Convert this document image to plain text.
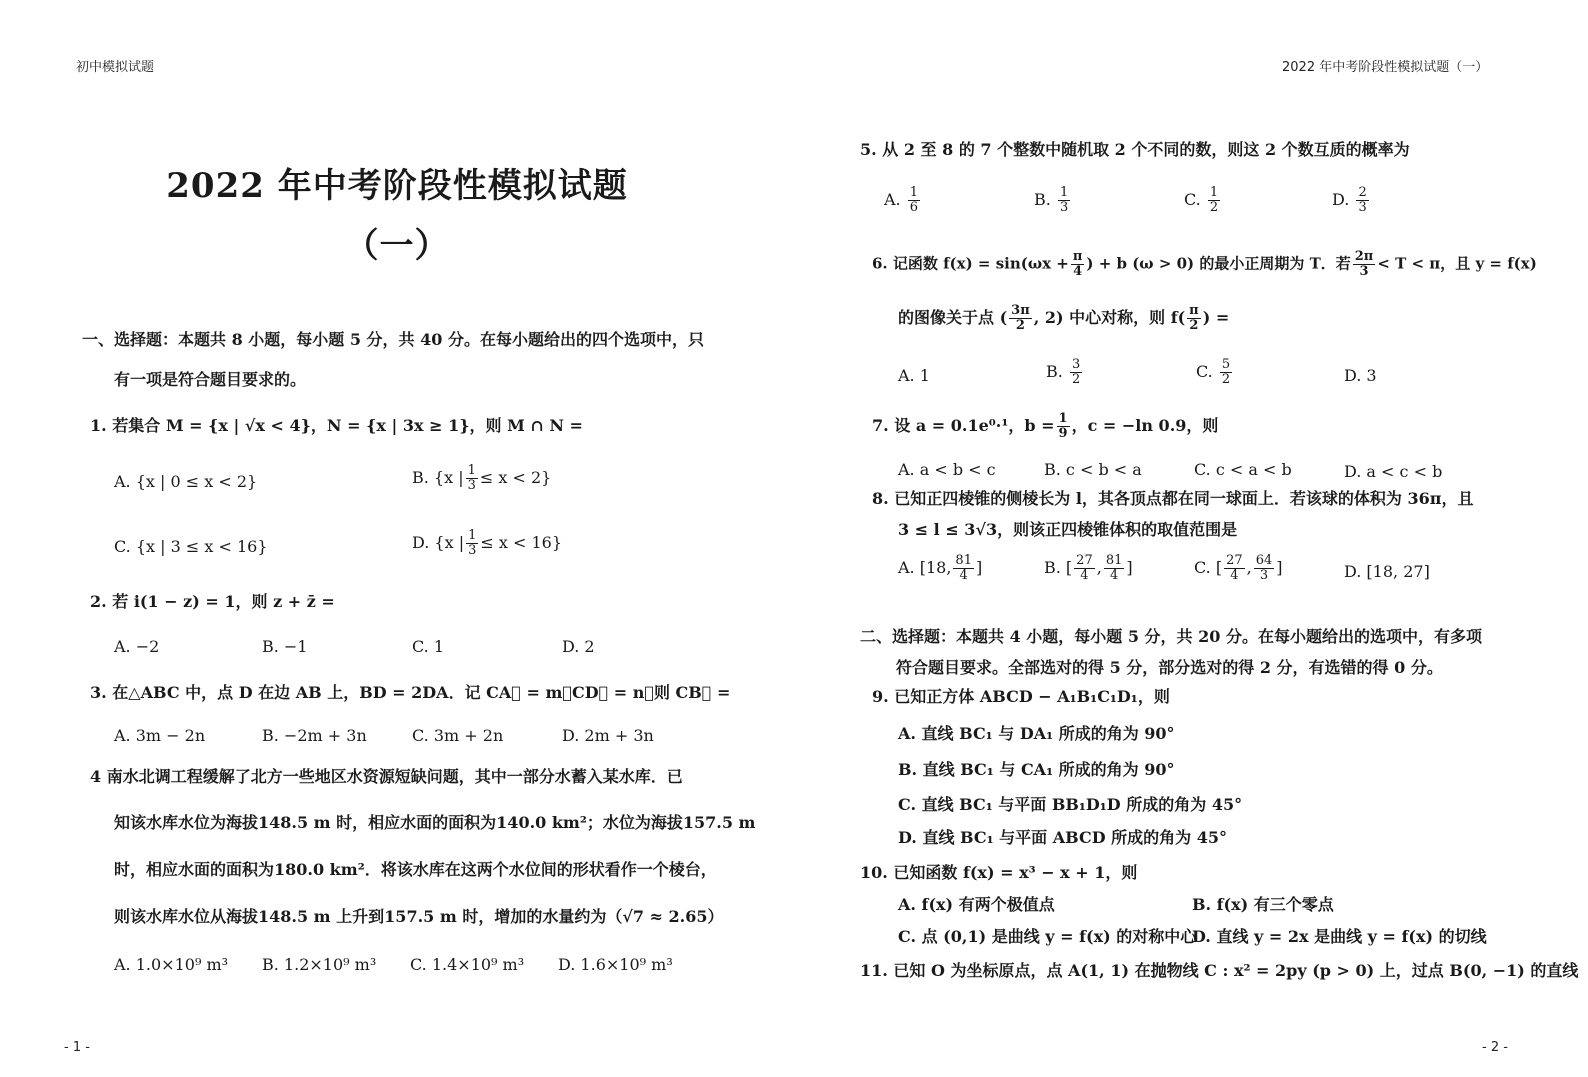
初中模拟试题
2022 年中考阶段性模拟试题
（一）
一、选择题：本题共 8 小题，每小题 5 分，共 40 分。在每小题给出的四个选项中，只
有一项是符合题目要求的。
1. 若集合 M = {x | √x < 4}，N = {x | 3x ≥ 1}，则 M ∩ N =
A. {x | 0 ≤ x < 2}	B. {x | $\frac{1}{3} \le x < 2$}
C. {x | 3 ≤ x < 16}	D. {x | $\frac{1}{3} \le x < 16$}
2. 若 i(1 − z) = 1，则 z + z̄ =
A. −2	B. −1	C. 1	D. 2
3. 在△ABC 中，点 D 在边 AB 上，BD = 2DA．记 CA⃗ = m，CD⃗ = n，则 CB⃗ =
A. 3m − 2n	B. −2m + 3n	C. 3m + 2n	D. 2m + 3n
4 南水北调工程缓解了北方一些地区水资源短缺问题，其中一部分水蓄入某水库．已
知该水库水位为海拔148.5 m 时，相应水面的面积为140.0 km²；水位为海拔157.5 m
时，相应水面的面积为180.0 km²．将该水库在这两个水位间的形状看作一个棱台，
则该水库水位从海拔148.5 m 上升到157.5 m 时，增加的水量约为（√7 ≈ 2.65）
A. 1.0×10⁹ m³ B. 1.2×10⁹ m³ C. 1.4×10⁹ m³ D. 1.6×10⁹ m³
- 1 -
2022 年中考阶段性模拟试题（一）
5. 从 2 至 8 的 7 个整数中随机取 2 个不同的数，则这 2 个数互质的概率为
A. $\frac{1}{6}$	B. $\frac{1}{3}$	C. $\frac{1}{2}$	D. $\frac{2}{3}$
6. 记函数 $f(x) = \sin(\omega x + \frac{\pi}{4}$ ) + b (ω > 0) 的最小正周期为 T．若 $\frac{2\pi}{3} < T < \pi$，且 y = f(x)
的图像关于点 ( $\frac{3\pi}{2}$ , 2) 中心对称，则 $f( \frac{\pi}{2}$ ) =
A. 1	B. $\frac{3}{2}$	C. $\frac{5}{2}$	D. 3
7. 设 a = 0.1e⁰·¹，$b = \frac{1}{9}$ ，c = −ln 0.9，则
A. a < b < c	B. c < b < a	C. c < a < b	D. a < c < b
8. 已知正四棱锥的侧棱长为 l，其各顶点都在同一球面上．若该球的体积为 36π，且
3 ≤ l ≤ 3√3，则该正四棱锥体积的取值范围是
A. [18, $\frac{81}{4}$ ]	B. [ $\frac{27}{4}$ , $\frac{81}{4}$ ]	C. [ $\frac{27}{4}$ , $\frac{64}{3}$ ]	D. [18, 27]
二、选择题：本题共 4 小题，每小题 5 分，共 20 分。在每小题给出的选项中，有多项
符合题目要求。全部选对的得 5 分，部分选对的得 2 分，有选错的得 0 分。
9. 已知正方体 ABCD − A₁B₁C₁D₁，则
A. 直线 BC₁ 与 DA₁ 所成的角为 90°
B. 直线 BC₁ 与 CA₁ 所成的角为 90°
C. 直线 BC₁ 与平面 BB₁D₁D 所成的角为 45°
D. 直线 BC₁ 与平面 ABCD 所成的角为 45°
10. 已知函数 f(x) = x³ − x + 1，则
A. f(x) 有两个极值点	B. f(x) 有三个零点
C. 点 (0,1) 是曲线 y = f(x) 的对称中心
D. 直线 y = 2x 是曲线 y = f(x) 的切线
11. 已知 O 为坐标原点，点 A(1, 1) 在抛物线 C : x² = 2py (p > 0) 上，过点 B(0, −1) 的直线
- 2 -
